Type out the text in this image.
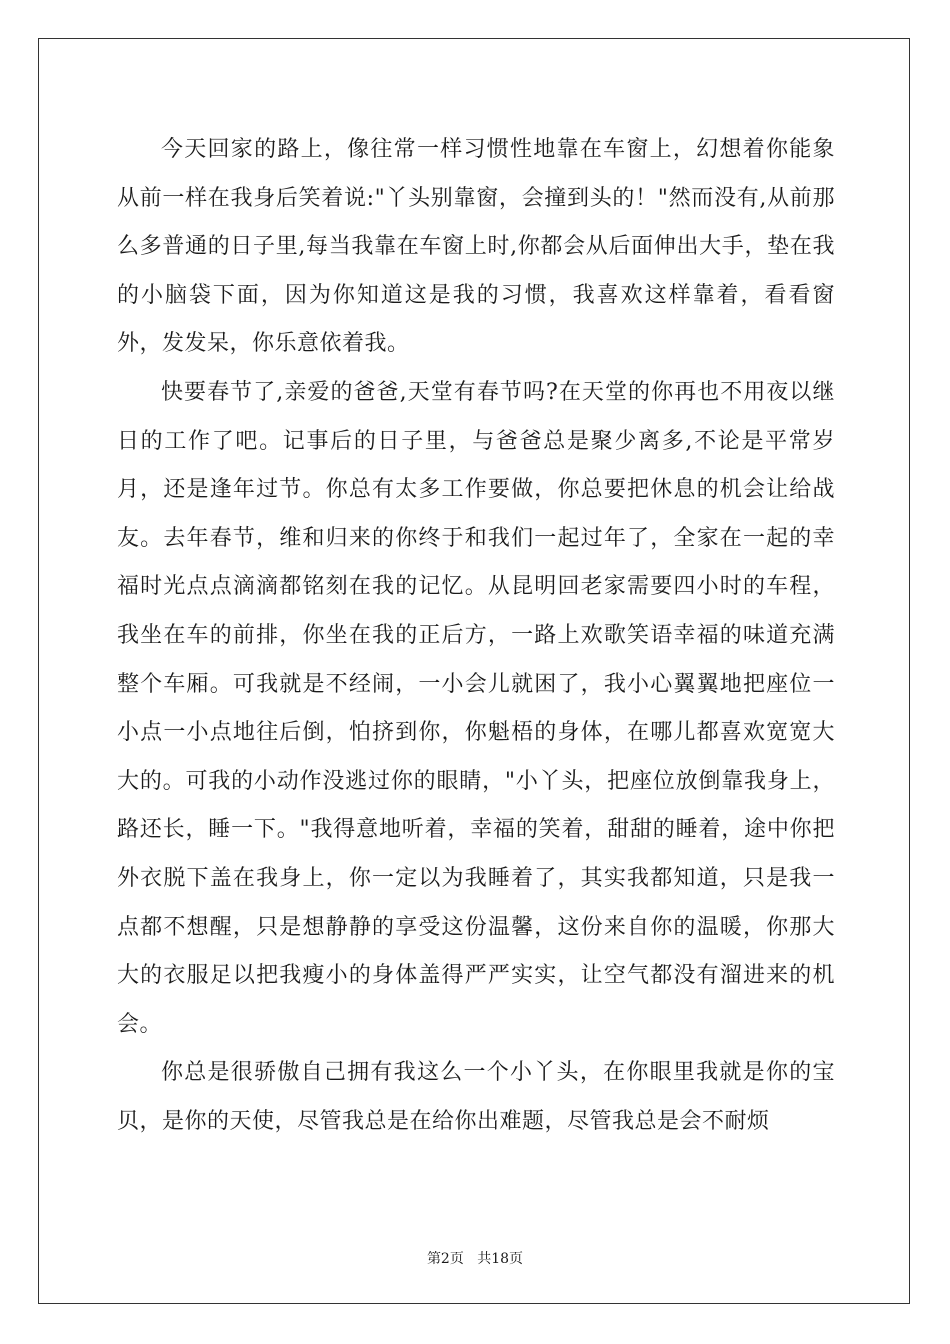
今天回家的路上，像往常一样习惯性地靠在车窗上，幻想着你能象从前一样在我身后笑着说:"丫头别靠窗，会撞到头的！"然而没有,从前那么多普通的日子里,每当我靠在车窗上时,你都会从后面伸出大手，垫在我的小脑袋下面，因为你知道这是我的习惯，我喜欢这样靠着，看看窗外，发发呆，你乐意依着我。

快要春节了,亲爱的爸爸,天堂有春节吗?在天堂的你再也不用夜以继日的工作了吧。记事后的日子里，与爸爸总是聚少离多,不论是平常岁月，还是逢年过节。你总有太多工作要做，你总要把休息的机会让给战友。去年春节，维和归来的你终于和我们一起过年了，全家在一起的幸福时光点点滴滴都铭刻在我的记忆。从昆明回老家需要四小时的车程，我坐在车的前排，你坐在我的正后方，一路上欢歌笑语幸福的味道充满整个车厢。可我就是不经闹，一小会儿就困了，我小心翼翼地把座位一小点一小点地往后倒，怕挤到你，你魁梧的身体，在哪儿都喜欢宽宽大大的。可我的小动作没逃过你的眼睛，"小丫头，把座位放倒靠我身上，路还长，睡一下。"我得意地听着，幸福的笑着，甜甜的睡着，途中你把外衣脱下盖在我身上，你一定以为我睡着了，其实我都知道，只是我一点都不想醒，只是想静静的享受这份温馨，这份来自你的温暖，你那大大的衣服足以把我瘦小的身体盖得严严实实，让空气都没有溜进来的机会。

你总是很骄傲自己拥有我这么一个小丫头，在你眼里我就是你的宝贝，是你的天使，尽管我总是在给你出难题，尽管我总是会不耐烦

第2页 共18页
